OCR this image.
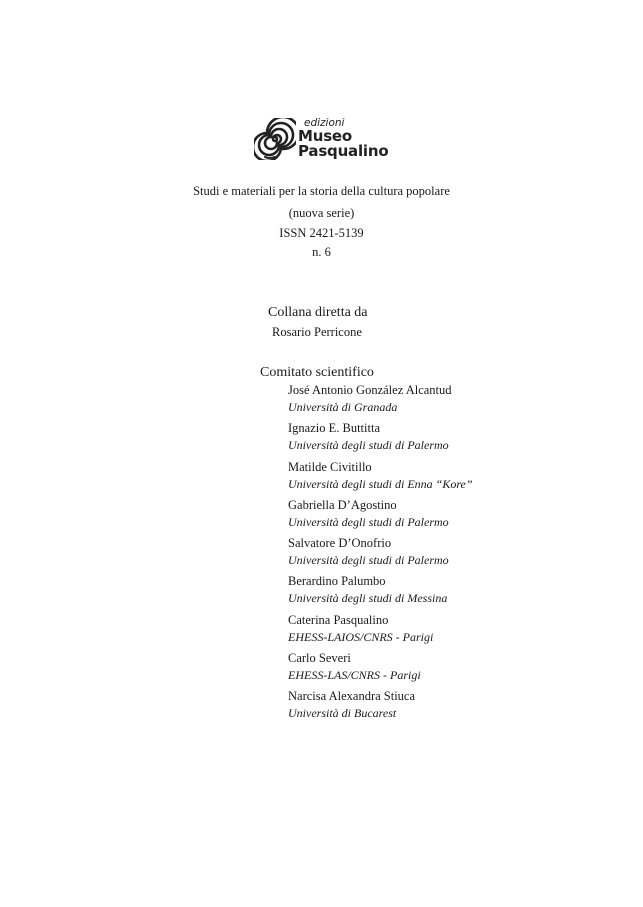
edizioni
Museo
Pasqualino
Studi e materiali per la storia della cultura popolare
(nuova serie)
ISSN 2421-5139
n. 6
Collana diretta da
Rosario Perricone
Comitato scientifico
José Antonio González Alcantud
Università di Granada
Ignazio E. Buttitta
Università degli studi di Palermo
Matilde Civitillo
Università degli studi di Enna “Kore”
Gabriella D’Agostino
Università degli studi di Palermo
Salvatore D’Onofrio
Università degli studi di Palermo
Berardino Palumbo
Università degli studi di Messina
Caterina Pasqualino
EHESS-LAIOS/CNRS - Parigi
Carlo Severi
EHESS-LAS/CNRS - Parigi
Narcisa Alexandra Stiuca
Università di Bucarest
